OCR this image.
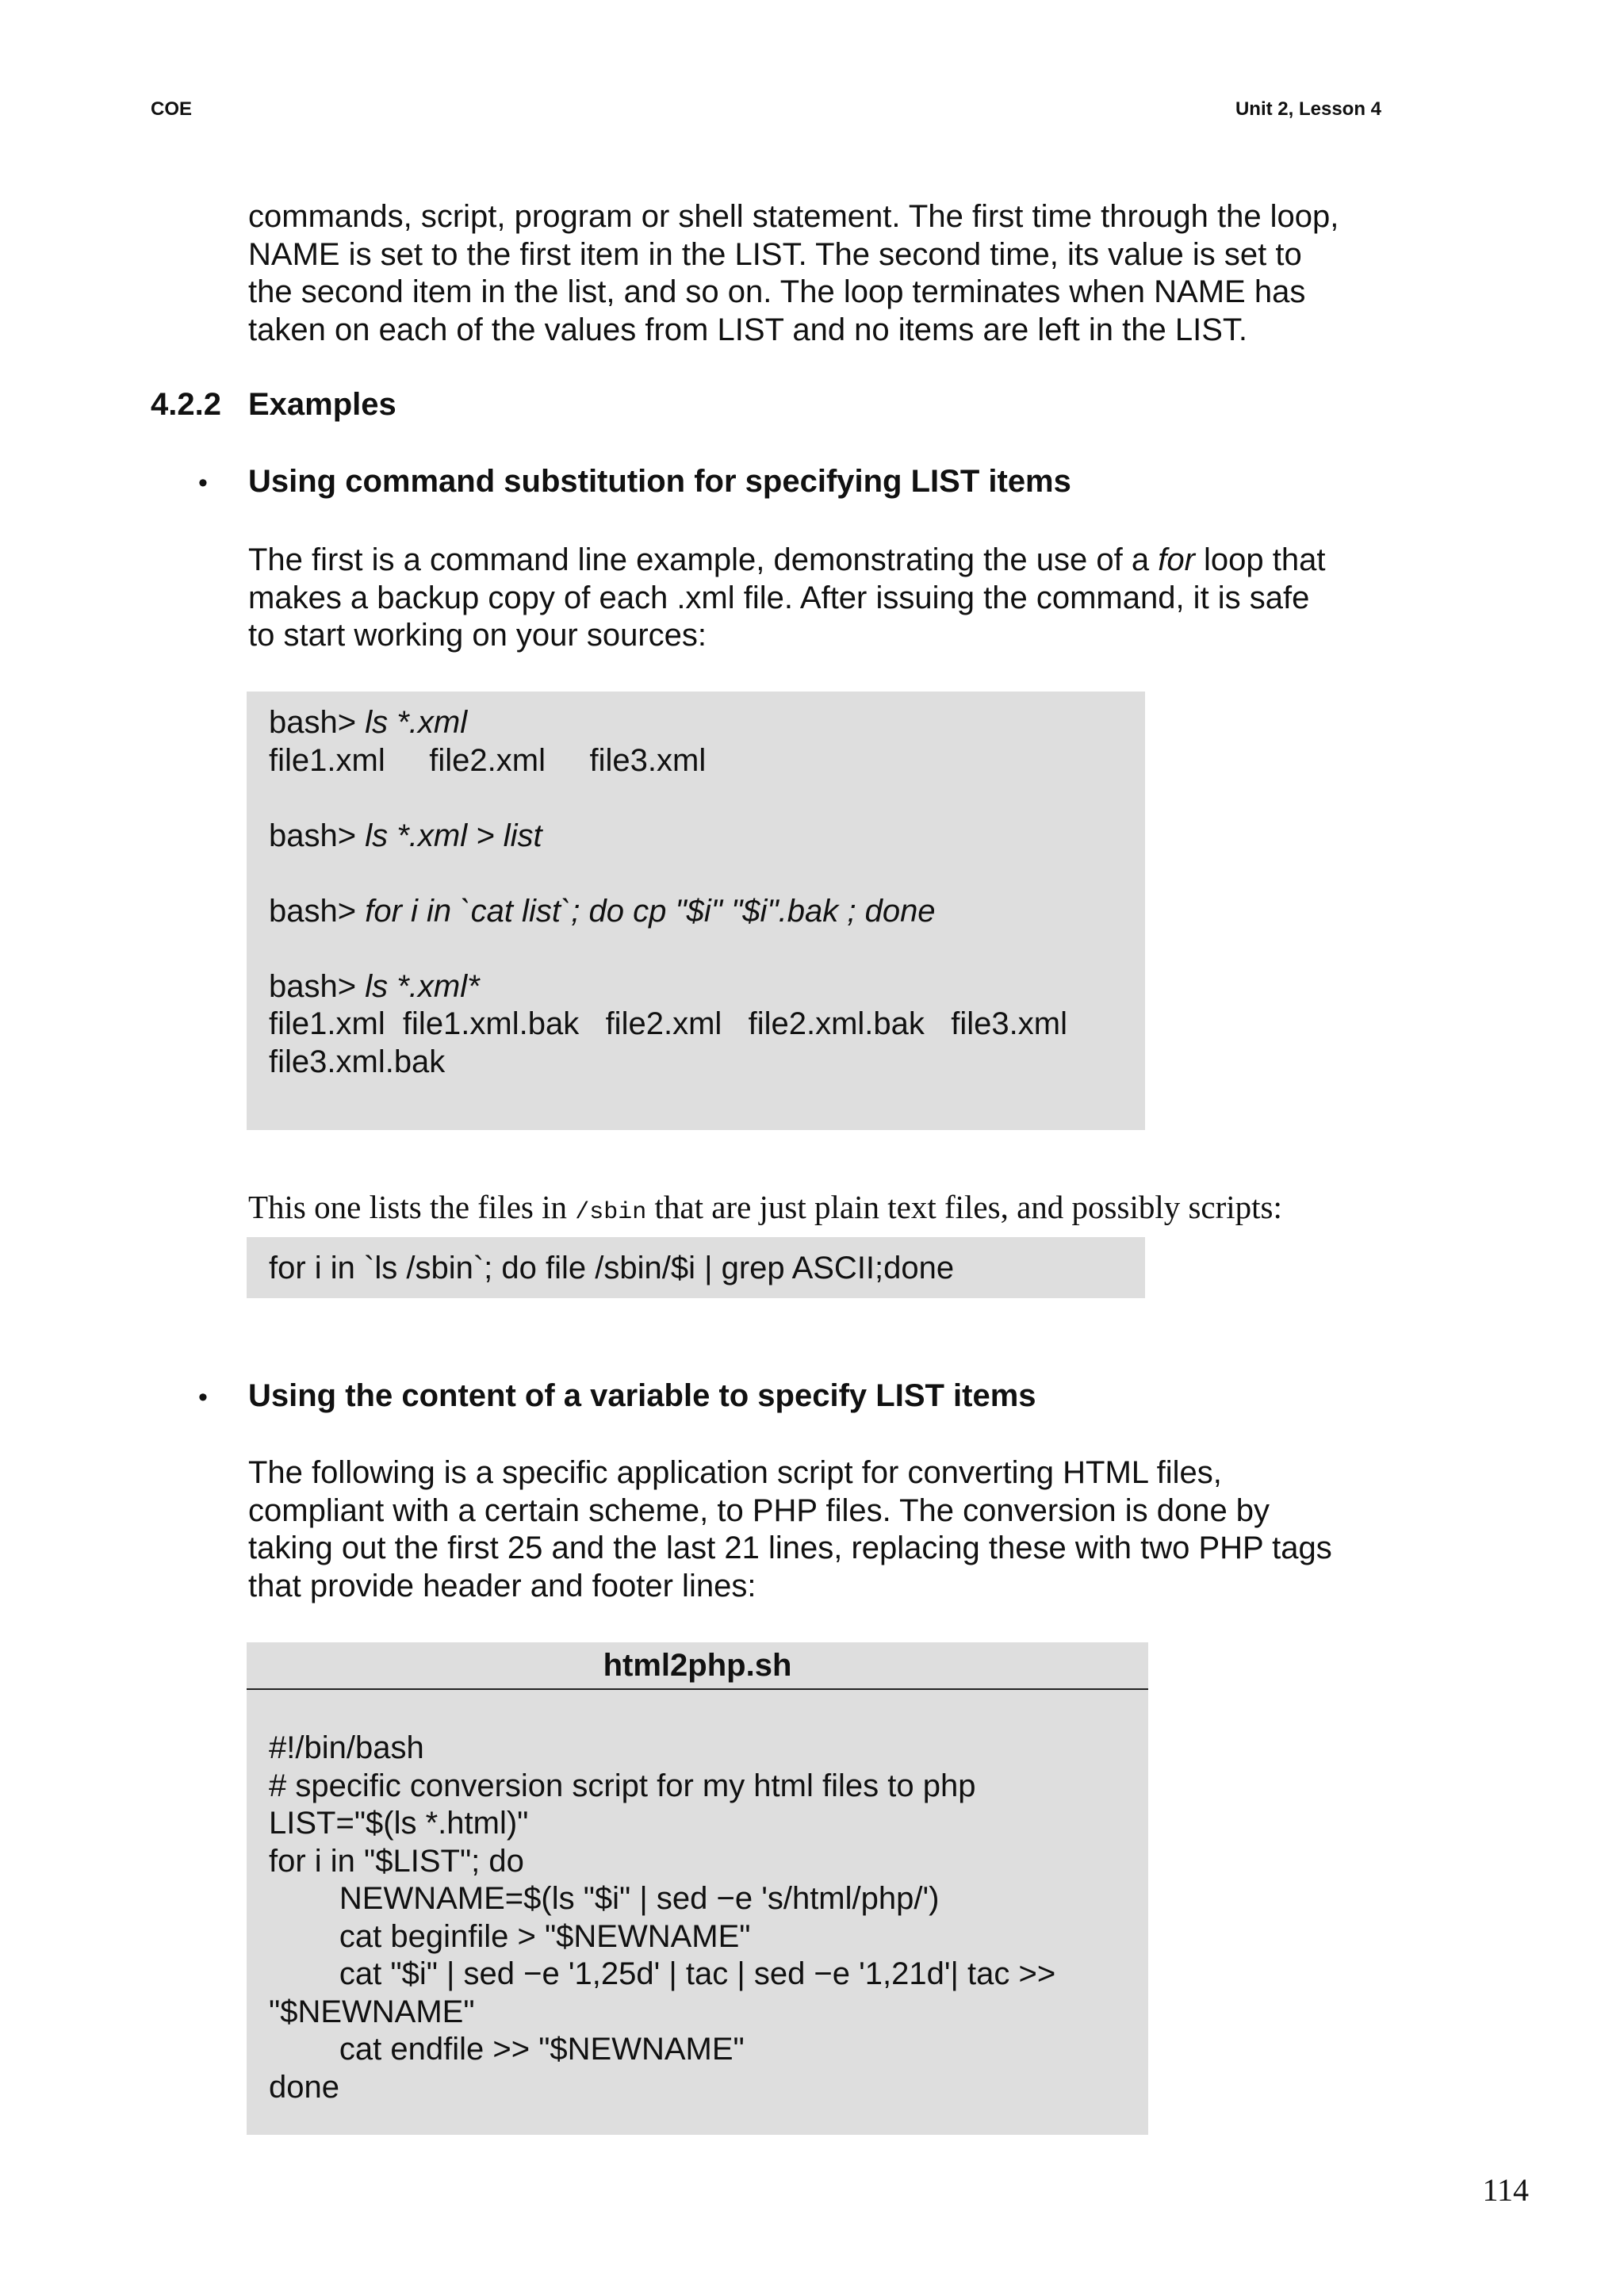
COE	Unit 2, Lesson 4

commands, script, program or shell statement. The first time through the loop,

NAME is set to the first item in the LIST. The second time, its value is set to

the second item in the list, and so on. The loop terminates when NAME has

taken on each of the values from LIST and no items are left in the LIST.

4.2.2 Examples
• Using command substitution for specifying LIST items

The first is a command line example, demonstrating the use of a for loop that

makes a backup copy of each .xml file. After issuing the command, it is safe

to start working on your sources:

bash> ls *.xml
file1.xml     file2.xml     file3.xml
bash> ls *.xml > list
bash> for i in `cat list`; do cp "$i" "$i".bak ; done
bash> ls *.xml*
file1.xml  file1.xml.bak   file2.xml   file2.xml.bak   file3.xml
file3.xml.bak
This one lists the files in /sbin that are just plain text files, and possibly scripts:
for i in `ls /sbin`; do file /sbin/$i | grep ASCII;done
• Using the content of a variable to specify LIST items

The following is a specific application script for converting HTML files,

compliant with a certain scheme, to PHP files. The conversion is done by

taking out the first 25 and the last 21 lines, replacing these with two PHP tags

that provide header and footer lines:

html2php.sh
#!/bin/bash
# specific conversion script for my html files to php
LIST="$(ls *.html)"
for i in "$LIST"; do
NEWNAME=$(ls "$i" | sed −e 's/html/php/')
cat beginfile > "$NEWNAME"
cat "$i" | sed −e '1,25d' | tac | sed −e '1,21d'| tac >>
"$NEWNAME"
cat endfile >> "$NEWNAME"
done
114
